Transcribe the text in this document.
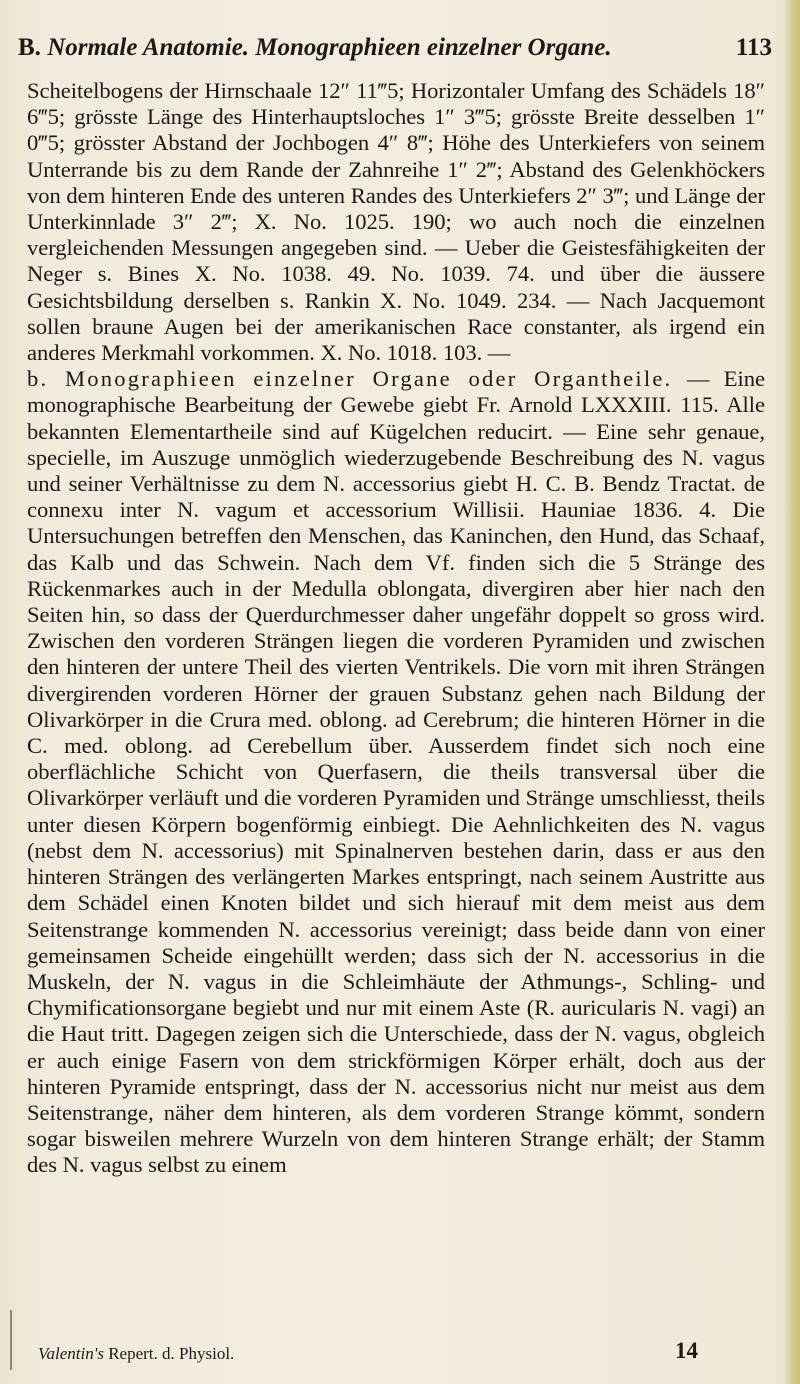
B. Normale Anatomie. Monographieen einzelner Organe.	113

Scheitelbogens der Hirnschaale 12″ 11‴5; Horizontaler Umfang des Schädels 18″ 6‴5; grösste Länge des Hinterhauptsloches 1″ 3‴5; grösste Breite desselben 1″ 0‴5; grösster Abstand der Jochbogen 4″ 8‴; Höhe des Unterkiefers von seinem Unterrande bis zu dem Rande der Zahnreihe 1″ 2‴; Abstand des Gelenkhöckers von dem hinteren Ende des unteren Randes des Unterkiefers 2″ 3‴; und Länge der Unterkinnlade 3″ 2‴; X. No. 1025. 190; wo auch noch die einzelnen vergleichenden Messungen angegeben sind. — Ueber die Geistesfähigkeiten der Neger s. Bines X. No. 1038. 49. No. 1039. 74. und über die äussere Gesichtsbildung derselben s. Rankin X. No. 1049. 234. — Nach Jacquemont sollen braune Augen bei der amerikanischen Race constanter, als irgend ein anderes Merkmahl vorkommen. X. No. 1018. 103. —

b. Monographieen einzelner Organe oder Organtheile. — Eine monographische Bearbeitung der Gewebe giebt Fr. Arnold LXXXIII. 115. Alle bekannten Elementartheile sind auf Kügelchen reducirt. — Eine sehr genaue, specielle, im Auszuge unmöglich wiederzugebende Beschreibung des N. vagus und seiner Verhältnisse zu dem N. accessorius giebt H. C. B. Bendz Tractat. de connexu inter N. vagum et accessorium Willisii. Hauniae 1836. 4. Die Untersuchungen betreffen den Menschen, das Kaninchen, den Hund, das Schaaf, das Kalb und das Schwein. Nach dem Vf. finden sich die 5 Stränge des Rückenmarkes auch in der Medulla oblongata, divergiren aber hier nach den Seiten hin, so dass der Querdurchmesser daher ungefähr doppelt so gross wird. Zwischen den vorderen Strängen liegen die vorderen Pyramiden und zwischen den hinteren der untere Theil des vierten Ventrikels. Die vorn mit ihren Strängen divergirenden vorderen Hörner der grauen Substanz gehen nach Bildung der Olivarkörper in die Crura med. oblong. ad Cerebrum; die hinteren Hörner in die C. med. oblong. ad Cerebellum über. Ausserdem findet sich noch eine oberflächliche Schicht von Querfasern, die theils transversal über die Olivarkörper verläuft und die vorderen Pyramiden und Stränge umschliesst, theils unter diesen Körpern bogenförmig einbiegt. Die Aehnlichkeiten des N. vagus (nebst dem N. accessorius) mit Spinalnerven bestehen darin, dass er aus den hinteren Strängen des verlängerten Markes entspringt, nach seinem Austritte aus dem Schädel einen Knoten bildet und sich hierauf mit dem meist aus dem Seitenstrange kommenden N. accessorius vereinigt; dass beide dann von einer gemeinsamen Scheide eingehüllt werden; dass sich der N. accessorius in die Muskeln, der N. vagus in die Schleimhäute der Athmungs-, Schling- und Chymificationsorgane begiebt und nur mit einem Aste (R. auricularis N. vagi) an die Haut tritt. Dagegen zeigen sich die Unterschiede, dass der N. vagus, obgleich er auch einige Fasern von dem strickförmigen Körper erhält, doch aus der hinteren Pyramide entspringt, dass der N. accessorius nicht nur meist aus dem Seitenstrange, näher dem hinteren, als dem vorderen Strange kömmt, sondern sogar bisweilen mehrere Wurzeln von dem hinteren Strange erhält; der Stamm des N. vagus selbst zu einem

Valentin's Repert. d. Physiol.	14
